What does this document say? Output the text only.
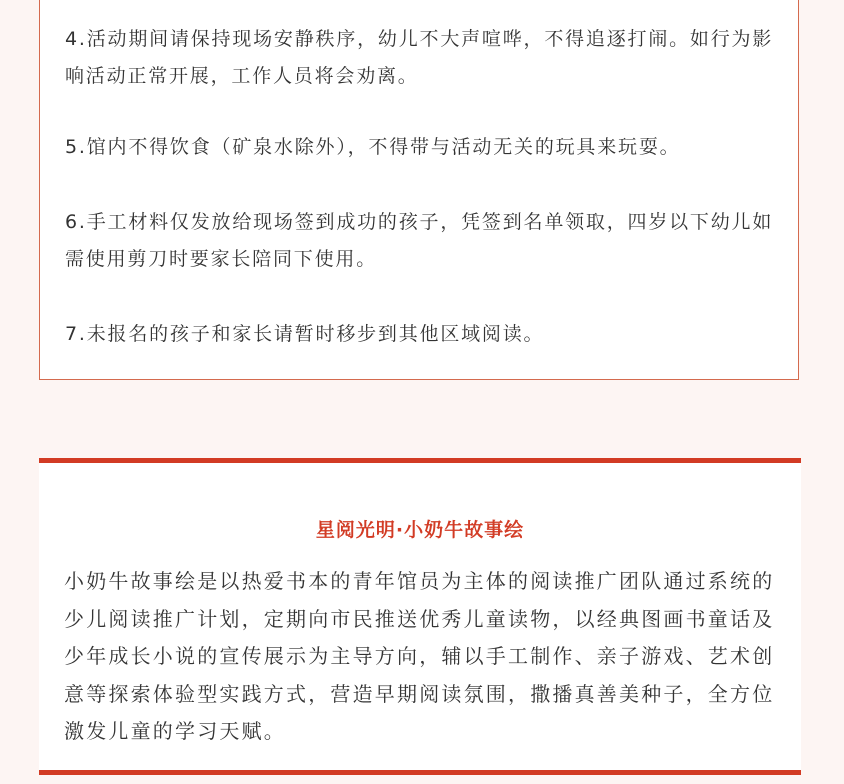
4.活动期间请保持现场安静秩序，幼儿不大声喧哗，不得追逐打闹。如行为影响活动正常开展，工作人员将会劝离。

5.馆内不得饮食（矿泉水除外），不得带与活动无关的玩具来玩耍。

6.手工材料仅发放给现场签到成功的孩子，凭签到名单领取，四岁以下幼儿如需使用剪刀时要家长陪同下使用。

7.未报名的孩子和家长请暂时移步到其他区域阅读。

星阅光明·小奶牛故事绘

小奶牛故事绘是以热爱书本的青年馆员为主体的阅读推广团队通过系统的少儿阅读推广计划，定期向市民推送优秀儿童读物，以经典图画书童话及少年成长小说的宣传展示为主导方向，辅以手工制作、亲子游戏、艺术创意等探索体验型实践方式，营造早期阅读氛围，撒播真善美种子，全方位激发儿童的学习天赋。
